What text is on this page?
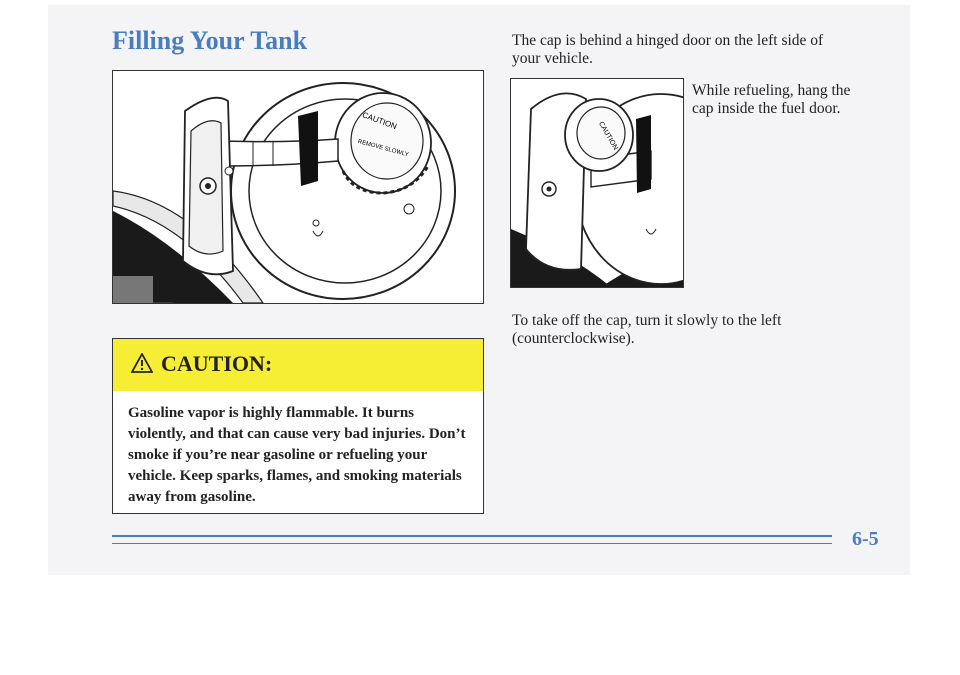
Filling Your Tank
CAUTION
REMOVE SLOWLY	CAUTION
CAUTION:
Gasoline vapor is highly flammable. It burns violently, and that can cause very bad injuries. Don’t smoke if you’re near gasoline or refueling your vehicle. Keep sparks, flames, and smoking materials away from gasoline.
The cap is behind a hinged door on the left side of your vehicle.
While refueling, hang the cap inside the fuel door.
To take off the cap, turn it slowly to the left (counterclockwise).
6-5
